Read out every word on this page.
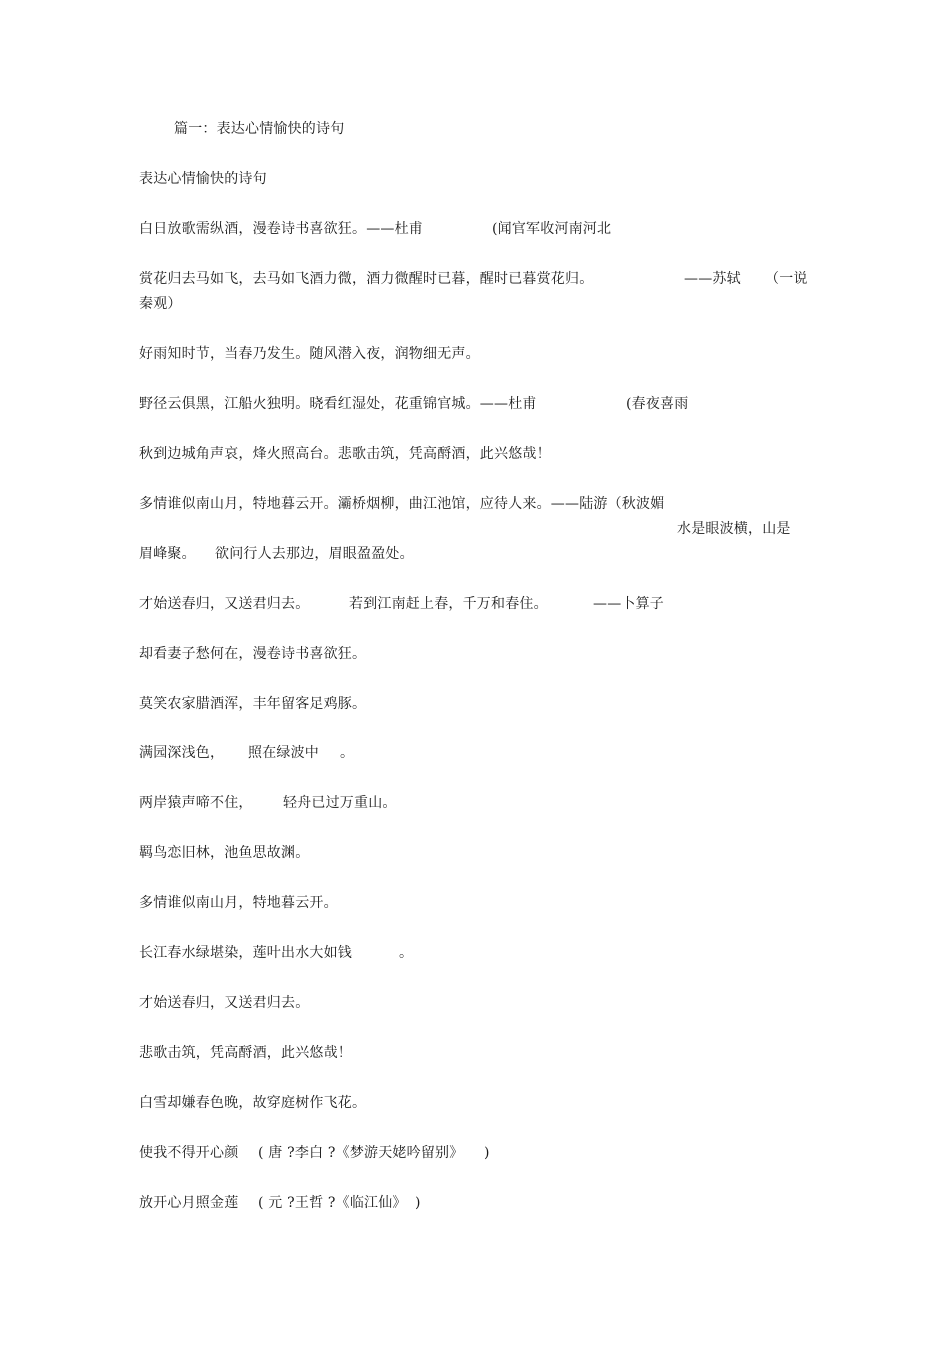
篇一：表达心情愉快的诗句
表达心情愉快的诗句
白日放歌需纵酒，漫卷诗书喜欲狂。——杜甫	(闻官军收河南河北
赏花归去马如飞，去马如飞酒力微，酒力微醒时已暮，醒时已暮赏花归。	——苏轼 （一说
秦观）
好雨知时节，当春乃发生。随风潜入夜，润物细无声。
野径云俱黑，江船火独明。晓看红湿处，花重锦官城。——杜甫	(春夜喜雨
秋到边城角声哀，烽火照高台。悲歌击筑，凭高酹酒，此兴悠哉！
多情谁似南山月，特地暮云开。灞桥烟柳，曲江池馆，应待人来。——陆游（秋波媚
水是眼波横，山是
眉峰聚。 欲问行人去那边，眉眼盈盈处。
才始送春归，又送君归去。	若到江南赶上春，千万和春住。	——卜算子
却看妻子愁何在，漫卷诗书喜欲狂。
莫笑农家腊酒浑，丰年留客足鸡豚。
满园深浅色， 照在绿波中 。
两岸猿声啼不住， 轻舟已过万重山。
羁鸟恋旧林，池鱼思故渊。
多情谁似南山月，特地暮云开。
长江春水绿堪染，莲叶出水大如钱	。
才始送春归，又送君归去。
悲歌击筑，凭高酹酒，此兴悠哉！
白雪却嫌春色晚，故穿庭树作飞花。
使我不得开心颜 ( 唐 ?李白 ?《梦游天姥吟留别》 )
放开心月照金莲 ( 元 ?王哲 ?《临江仙》 )
